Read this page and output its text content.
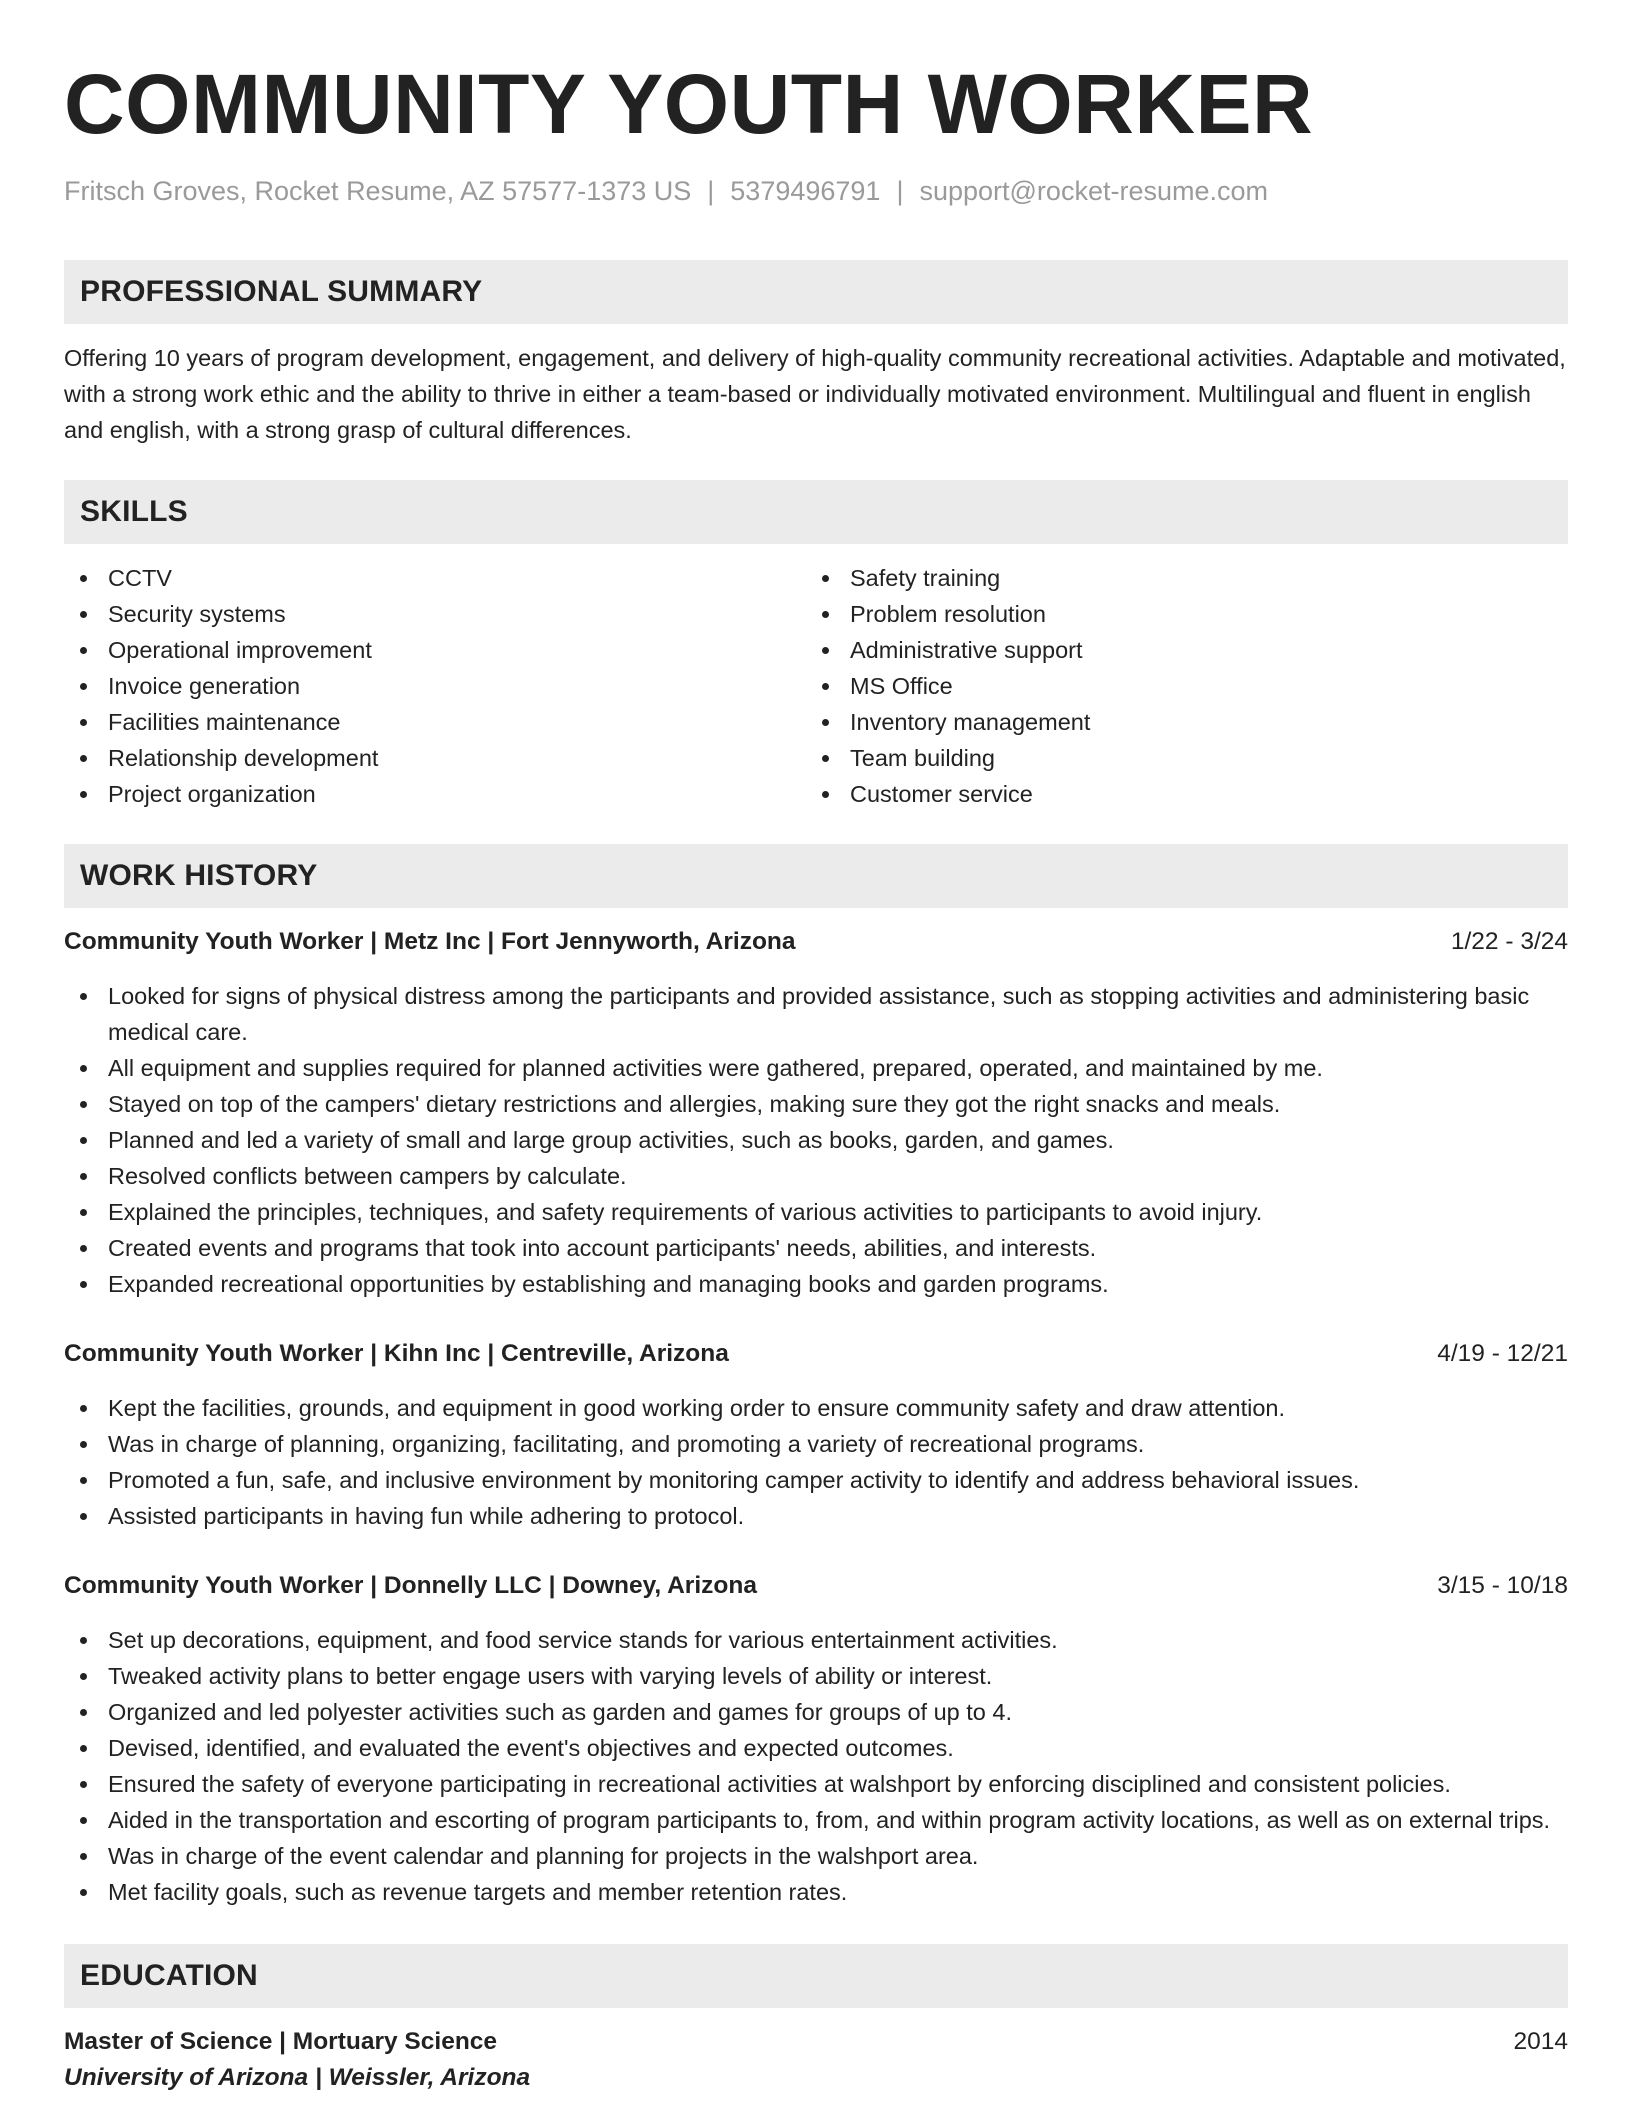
COMMUNITY YOUTH WORKER
Fritsch Groves, Rocket Resume, AZ 57577-1373 US | 5379496791 | support@rocket-resume.com
PROFESSIONAL SUMMARY

Offering 10 years of program development, engagement, and delivery of high-quality community recreational activities. Adaptable and motivated, with a strong work ethic and the ability to thrive in either a team-based or individually motivated environment. Multilingual and fluent in english and english, with a strong grasp of cultural differences.

SKILLS
CCTV
Security systems
Operational improvement
Invoice generation
Facilities maintenance
Relationship development
Project organization
Safety training
Problem resolution
Administrative support
MS Office
Inventory management
Team building
Customer service
WORK HISTORY
Community Youth Worker | Metz Inc | Fort Jennyworth, Arizona	1/22 - 3/24
Looked for signs of physical distress among the participants and provided assistance, such as stopping activities and administering basic medical care.
All equipment and supplies required for planned activities were gathered, prepared, operated, and maintained by me.
Stayed on top of the campers' dietary restrictions and allergies, making sure they got the right snacks and meals.
Planned and led a variety of small and large group activities, such as books, garden, and games.
Resolved conflicts between campers by calculate.
Explained the principles, techniques, and safety requirements of various activities to participants to avoid injury.
Created events and programs that took into account participants' needs, abilities, and interests.
Expanded recreational opportunities by establishing and managing books and garden programs.
Community Youth Worker | Kihn Inc | Centreville, Arizona	4/19 - 12/21
Kept the facilities, grounds, and equipment in good working order to ensure community safety and draw attention.
Was in charge of planning, organizing, facilitating, and promoting a variety of recreational programs.
Promoted a fun, safe, and inclusive environment by monitoring camper activity to identify and address behavioral issues.
Assisted participants in having fun while adhering to protocol.
Community Youth Worker | Donnelly LLC | Downey, Arizona	3/15 - 10/18
Set up decorations, equipment, and food service stands for various entertainment activities.
Tweaked activity plans to better engage users with varying levels of ability or interest.
Organized and led polyester activities such as garden and games for groups of up to 4.
Devised, identified, and evaluated the event's objectives and expected outcomes.
Ensured the safety of everyone participating in recreational activities at walshport by enforcing disciplined and consistent policies.
Aided in the transportation and escorting of program participants to, from, and within program activity locations, as well as on external trips.
Was in charge of the event calendar and planning for projects in the walshport area.
Met facility goals, such as revenue targets and member retention rates.
EDUCATION
Master of Science | Mortuary Science	2014
University of Arizona | Weissler, Arizona
